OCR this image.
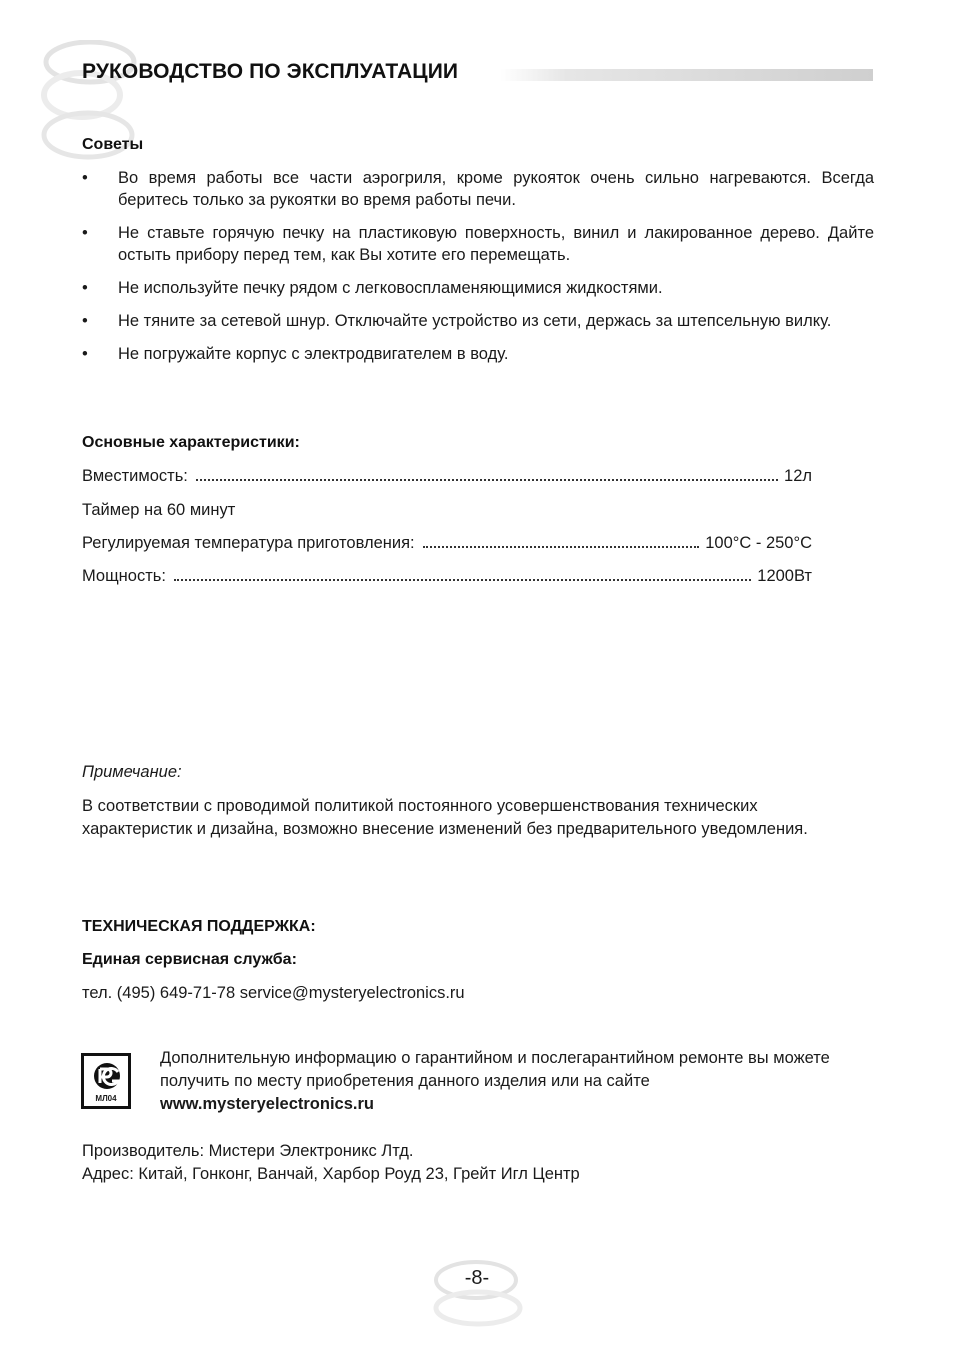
РУКОВОДСТВО ПО ЭКСПЛУАТАЦИИ
Советы
•	Во время работы все части аэрогриля, кроме рукояток очень сильно нагреваются. Всегда беритесь только за рукоятки во время работы печи.
•	Не ставьте горячую печку на пластиковую поверхность, винил и лакированное дерево. Дайте остыть прибору перед тем, как Вы хотите его перемещать.
•	Не используйте печку рядом с легковоспламеняющимися жидкостями.
•	Не тяните за сетевой шнур. Отключайте устройство из сети, держась за штепсельную вилку.
•	Не погружайте корпус с электродвигателем в воду.
Основные характеристики:
Вместимость:	12л
Таймер на 60 минут
Регулируемая температура приготовления:	100°C - 250°C
Мощность:	1200Вт
Примечание:
В соответствии с проводимой политикой постоянного усовершенствования технических характеристик и дизайна, возможно внесение изменений без предварительного уведомления.
ТЕХНИЧЕСКАЯ ПОДДЕРЖКА:
Единая сервисная служба:
тел. (495) 649-71-78 service@mysteryelectronics.ru
МЛ04
Дополнительную информацию о гарантийном и послегарантийном ремонте вы можете получить по месту приобретения данного изделия или на сайте
www.mysteryelectronics.ru
Производитель: Мистери Электроникс Лтд.
Адрес: Китай, Гонконг, Ванчай, Харбор Роуд 23, Грейт Игл Центр
-8-
